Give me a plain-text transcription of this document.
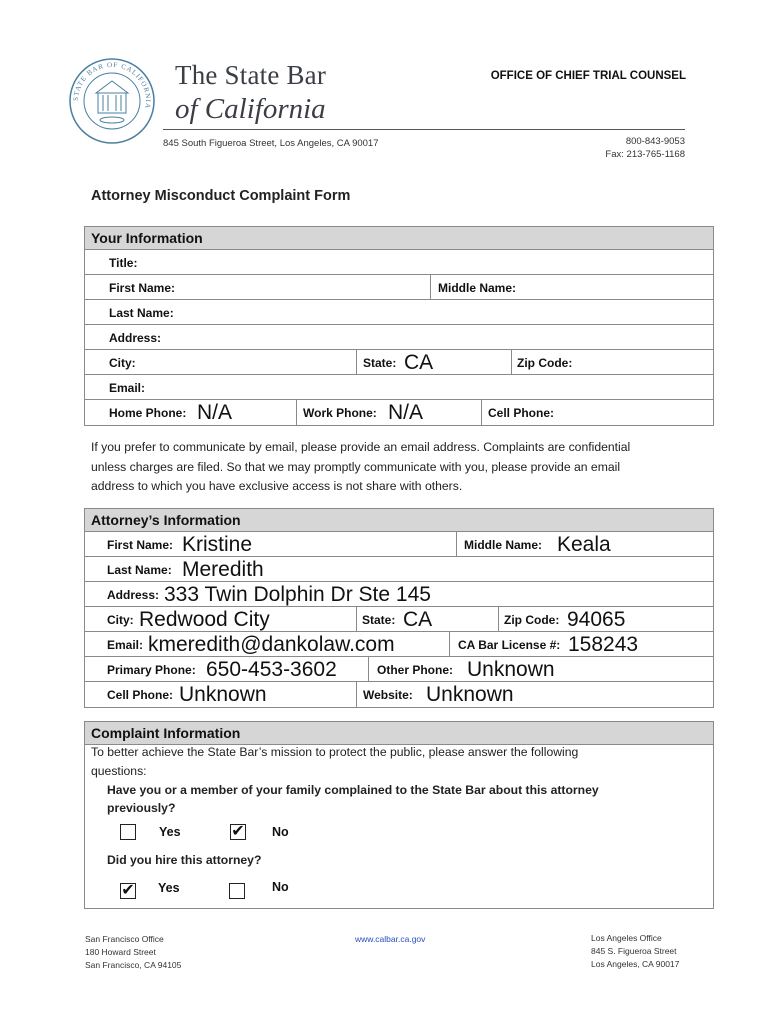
STATE BAR OF CALIFORNIA
The State Bar
of California
OFFICE OF CHIEF TRIAL COUNSEL
845 South Figueroa Street, Los Angeles, CA 90017	800-843-9053
Fax: 213-765-1168
Attorney Misconduct Complaint Form
Your Information
Title:
First Name:	Middle Name:
Last Name:
Address:
City:	State: CA	Zip Code:
Email:
Home Phone: N/A	Work Phone: N/A	Cell Phone:
If you prefer to communicate by email, please provide an email address. Complaints are confidential
unless charges are filed. So that we may promptly communicate with you, please provide an email
address to which you have exclusive access is not share with others.
Attorney’s Information
First Name: Kristine	Middle Name: Keala
Last Name: Meredith
Address: 333 Twin Dolphin Dr Ste 145
City: Redwood City	State: CA	Zip Code: 94065
Email: kmeredith@dankolaw.com	CA Bar License #: 158243
Primary Phone: 650-453-3602	Other Phone: Unknown
Cell Phone: Unknown	Website: Unknown
Complaint Information
To better achieve the State Bar’s mission to protect the public, please answer the following
questions:
Have you or a member of your family complained to the State Bar about this attorney
previously?
Yes	✔ No
Did you hire this attorney?
✔ Yes	No
San Francisco Office
180 Howard Street
San Francisco, CA 94105
www.calbar.ca.gov	Los Angeles Office
845 S. Figueroa Street
Los Angeles, CA 90017
